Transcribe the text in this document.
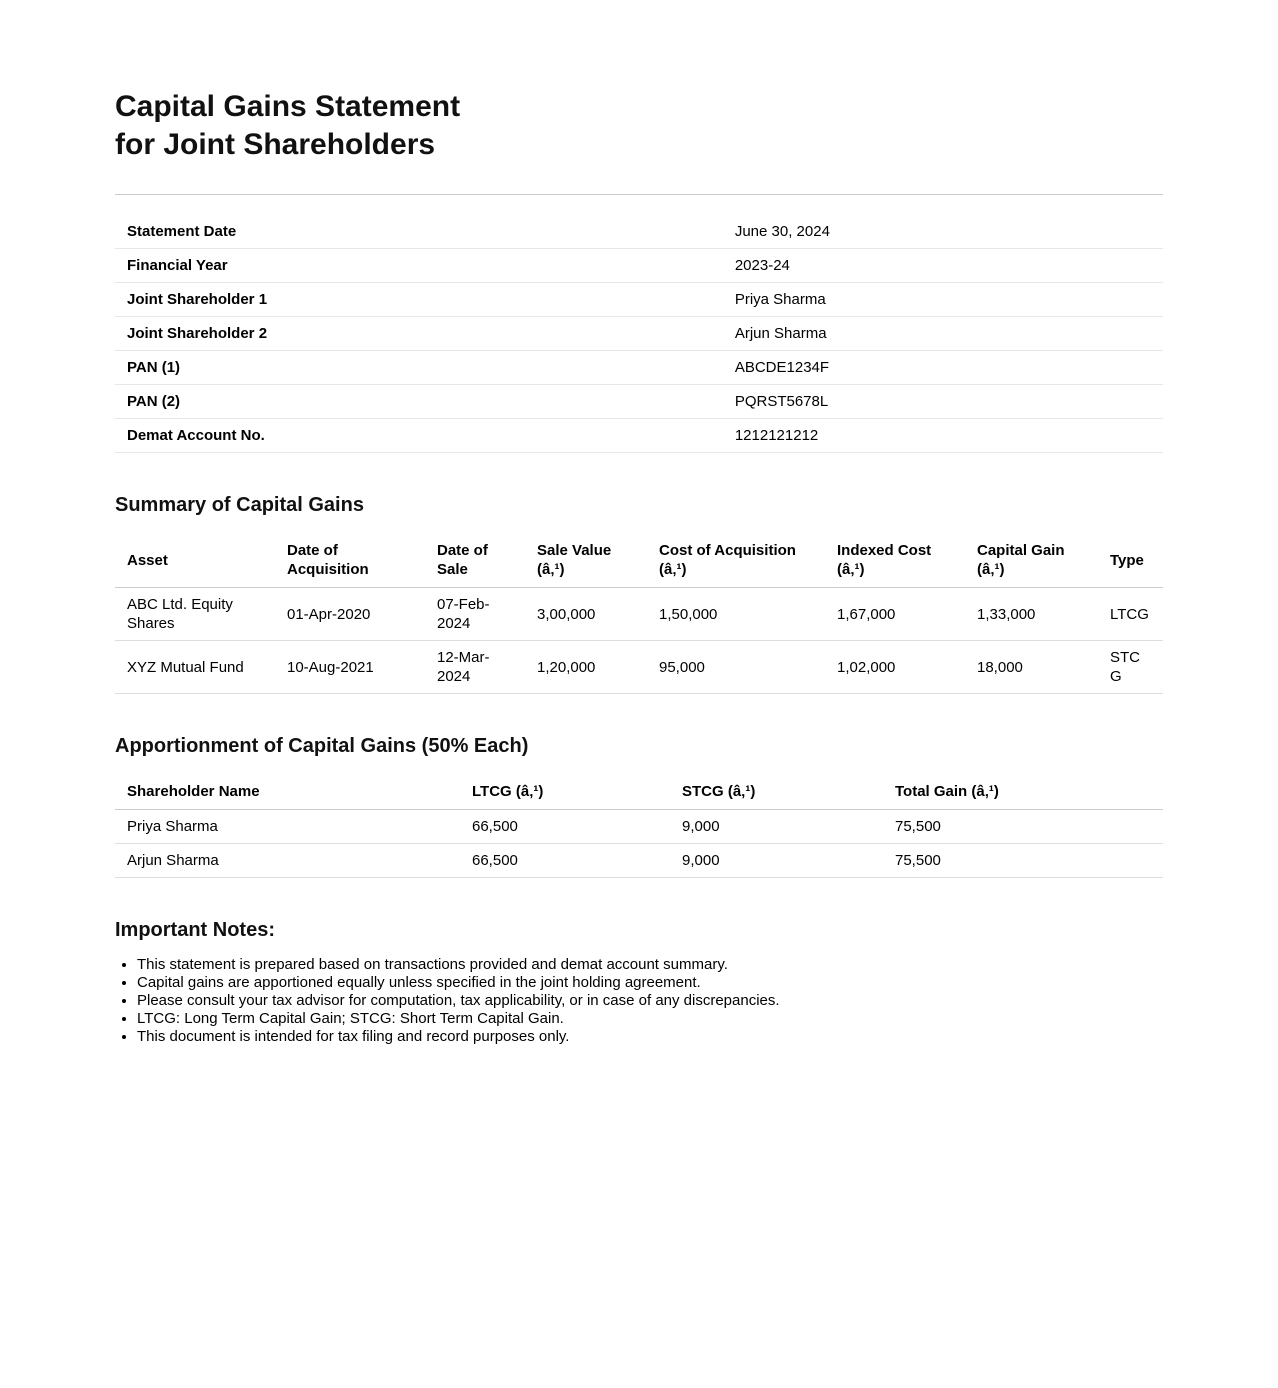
Capital Gains Statement
for Joint Shareholders
Statement Date	June 30, 2024
Financial Year	2023-24
Joint Shareholder 1	Priya Sharma
Joint Shareholder 2	Arjun Sharma
PAN (1)	ABCDE1234F
PAN (2)	PQRST5678L
Demat Account No.	1212121212
Summary of Capital Gains
Asset	Date of Acquisition	Date of Sale	Sale Value (â‚¹)	Cost of Acquisition (â‚¹)	Indexed Cost (â‚¹)	Capital Gain (â‚¹)	Type
ABC Ltd. Equity Shares	01-Apr-2020	07-Feb-2024	3,00,000	1,50,000	1,67,000	1,33,000	LTCG
XYZ Mutual Fund	10-Aug-2021	12-Mar-2024	1,20,000	95,000	1,02,000	18,000	STCG
Apportionment of Capital Gains (50% Each)
Shareholder Name	LTCG (â‚¹)	STCG (â‚¹)	Total Gain (â‚¹)
Priya Sharma	66,500	9,000	75,500
Arjun Sharma	66,500	9,000	75,500
Important Notes:
• This statement is prepared based on transactions provided and demat account summary.
• Capital gains are apportioned equally unless specified in the joint holding agreement.
• Please consult your tax advisor for computation, tax applicability, or in case of any discrepancies.
• LTCG: Long Term Capital Gain; STCG: Short Term Capital Gain.
• This document is intended for tax filing and record purposes only.
